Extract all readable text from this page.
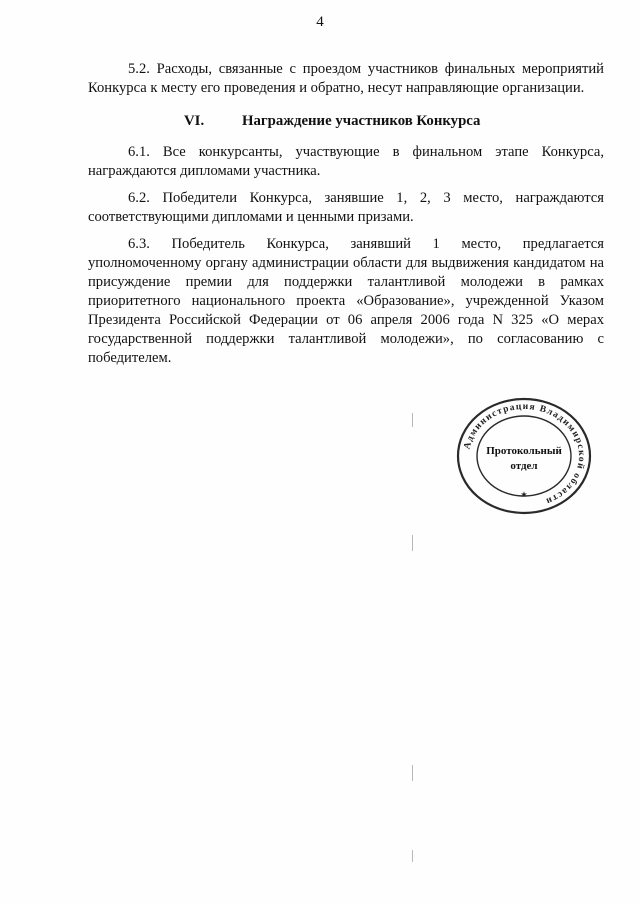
4

5.2. Расходы, связанные с проездом участников финальных мероприятий Конкурса к месту его проведения и обратно, несут направляющие организации.

VI.	Награждение участников Конкурса

6.1. Все конкурсанты, участвующие в финальном этапе Конкурса, награждаются дипломами участника.

6.2. Победители Конкурса, занявшие 1, 2, 3 место, награждаются соответствующими дипломами и ценными призами.

6.3. Победитель Конкурса, занявший 1 место, предлагается уполномоченному органу администрации области для выдвижения кандидатом на присуждение премии для поддержки талантливой молодежи в рамках приоритетного национального проекта «Образование», учрежденной Указом Президента Российской Федерации от 06 апреля 2006 года N 325 «О мерах государственной поддержки талантливой молодежи», по согласованию с победителем.

Администрация Владимирской области
Протокольный
отдел
★
